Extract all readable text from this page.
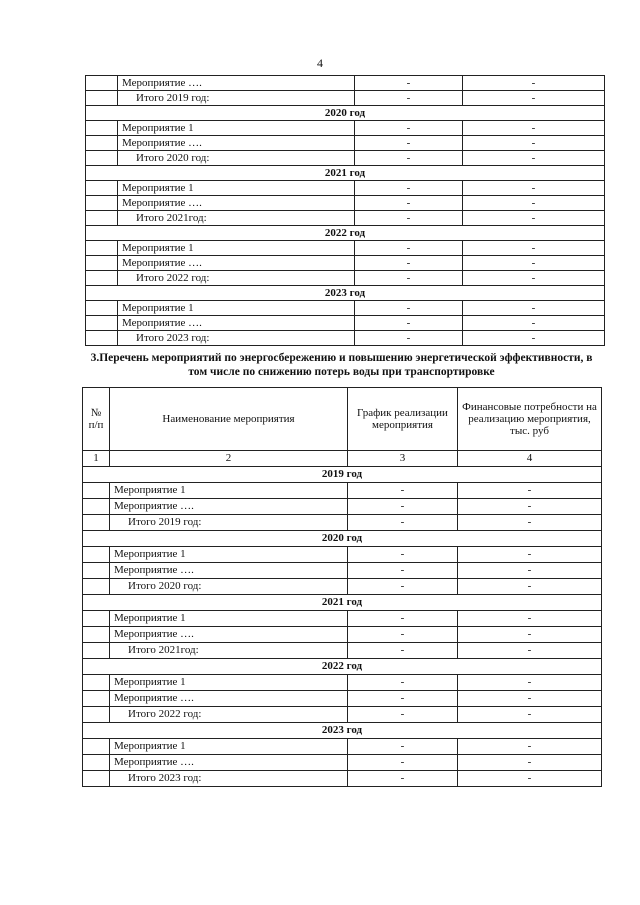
4
	Мероприятие ….	-	-
	Итого 2019 год:	-	-
2020 год			
	Мероприятие 1	-	-
	Мероприятие ….	-	-
	Итого 2020 год:	-	-
2021 год			
	Мероприятие 1	-	-
	Мероприятие ….	-	-
	Итого 2021год:	-	-
2022 год			
	Мероприятие 1	-	-
	Мероприятие ….	-	-
	Итого 2022 год:	-	-
2023 год			
	Мероприятие 1	-	-
	Мероприятие ….	-	-
	Итого 2023 год:	-	-
3.Перечень мероприятий по энергосбережению и повышению энергетической эффективности, в том числе по снижению потерь воды при транспортировке
№ п/п	Наименование мероприятия	График реализации мероприятия	Финансовые потребности на реализацию мероприятия, тыс. руб
1	2	3	4
2019 год			
	Мероприятие 1	-	-
	Мероприятие ….	-	-
	Итого 2019 год:	-	-
2020 год			
	Мероприятие 1	-	-
	Мероприятие ….	-	-
	Итого 2020 год:	-	-
2021 год			
	Мероприятие 1	-	-
	Мероприятие ….	-	-
	Итого 2021год:	-	-
2022 год			
	Мероприятие 1	-	-
	Мероприятие ….	-	-
	Итого 2022 год:	-	-
2023 год			
	Мероприятие 1	-	-
	Мероприятие ….	-	-
	Итого 2023 год:	-	-
